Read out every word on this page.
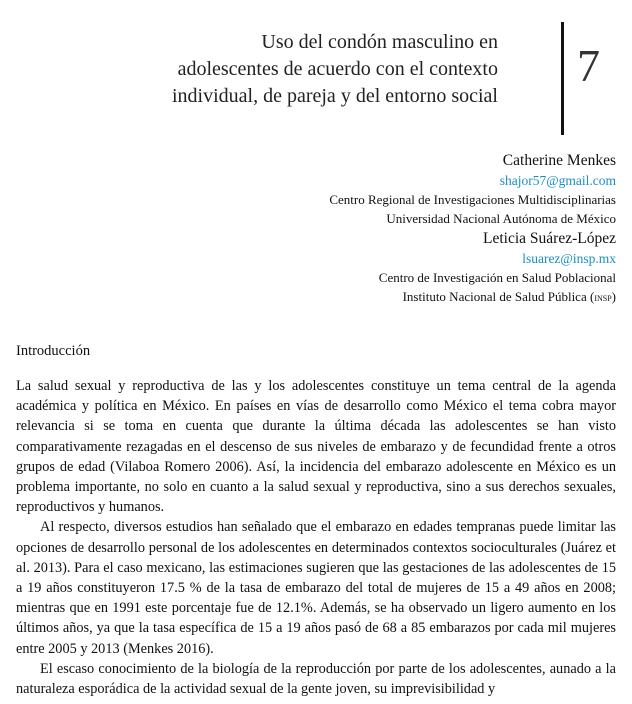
Uso del condón masculino en
adolescentes de acuerdo con el contexto
individual, de pareja y del entorno social
7
Catherine Menkes
shajor57@gmail.com
Centro Regional de Investigaciones Multidisciplinarias
Universidad Nacional Autónoma de México
Leticia Suárez-López
lsuarez@insp.mx
Centro de Investigación en Salud Poblacional
Instituto Nacional de Salud Pública (insp)
Introducción

La salud sexual y reproductiva de las y los adolescentes constituye un tema central de la agenda académica y política en México. En países en vías de desarrollo como México el tema cobra mayor relevancia si se toma en cuenta que durante la última década las adolescentes se han visto comparativamente rezagadas en el descenso de sus niveles de embarazo y de fecundidad frente a otros grupos de edad (Vilaboa Romero 2006). Así, la incidencia del embarazo adolescente en México es un problema importante, no solo en cuanto a la salud sexual y reproductiva, sino a sus derechos sexuales, reproductivos y humanos.

Al respecto, diversos estudios han señalado que el embarazo en edades tempranas puede limitar las opciones de desarrollo personal de los adolescentes en determinados contextos socioculturales (Juárez et al. 2013). Para el caso mexicano, las estimaciones sugieren que las gestaciones de las adolescentes de 15 a 19 años constituyeron 17.5 % de la tasa de embarazo del total de mujeres de 15 a 49 años en 2008; mientras que en 1991 este porcentaje fue de 12.1%. Además, se ha observado un ligero aumento en los últimos años, ya que la tasa específica de 15 a 19 años pasó de 68 a 85 embarazos por cada mil mujeres entre 2005 y 2013 (Menkes 2016).

El escaso conocimiento de la biología de la reproducción por parte de los adolescentes, aunado a la naturaleza esporádica de la actividad sexual de la gente joven, su imprevisibilidad y
